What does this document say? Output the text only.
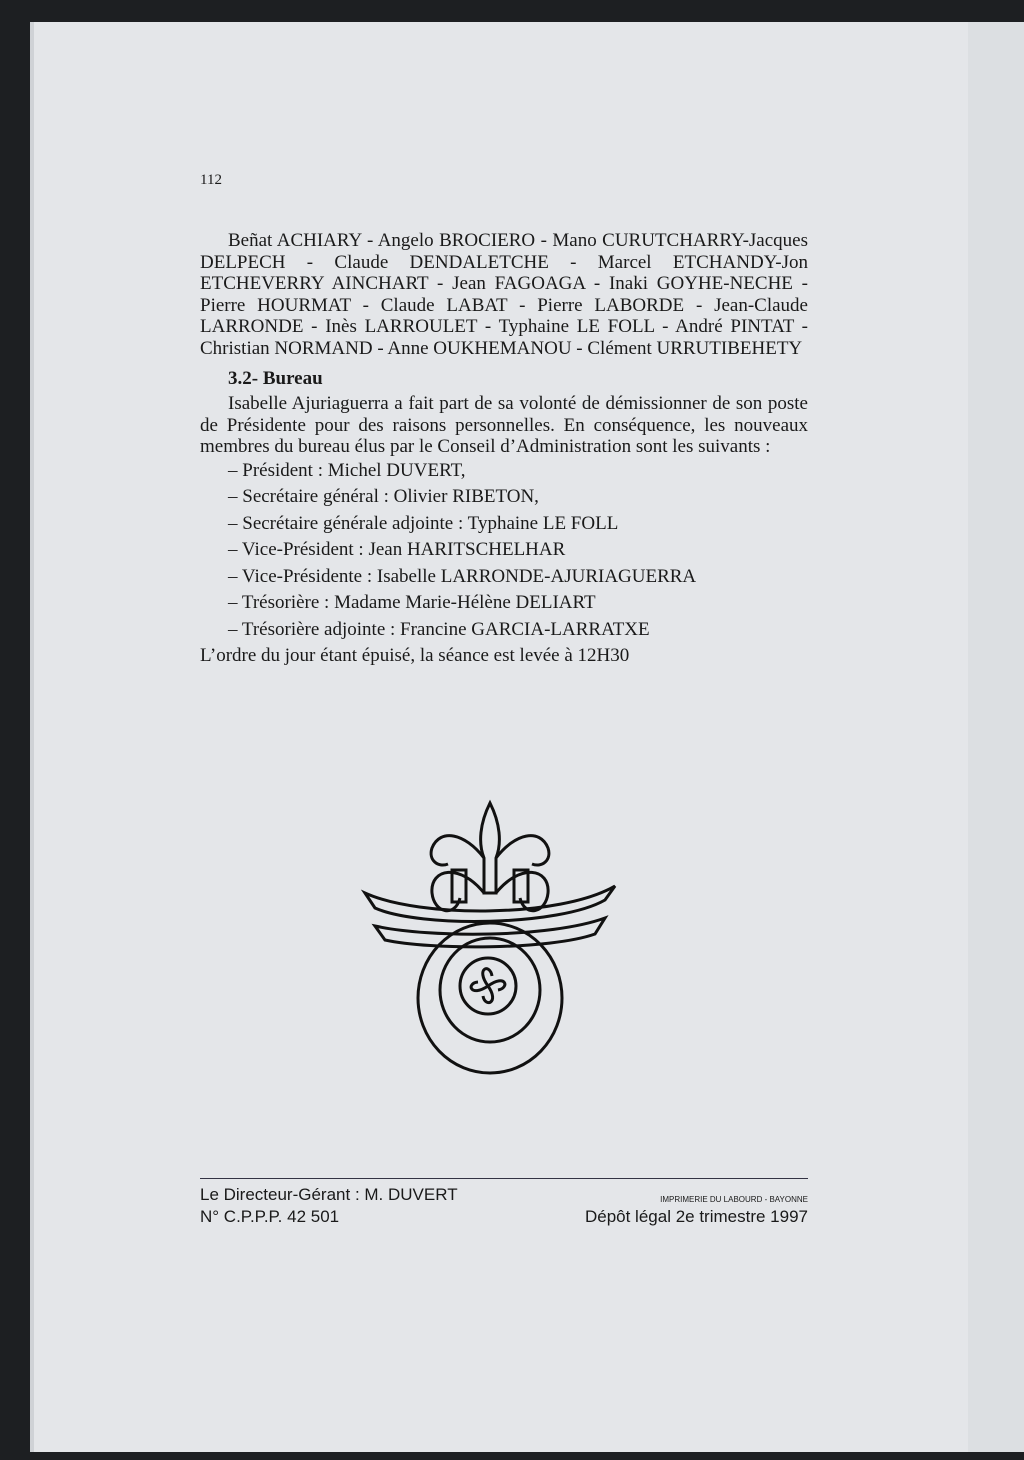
112

Beñat ACHIARY - Angelo BROCIERO - Mano CURUTCHARRY-Jacques DELPECH - Claude DENDALETCHE - Marcel ETCHANDY-Jon ETCHEVERRY AINCHART - Jean FAGOAGA - Inaki GOYHE-NECHE - Pierre HOURMAT - Claude LABAT - Pierre LABORDE - Jean-Claude LARRONDE - Inès LARROULET - Typhaine LE FOLL - André PINTAT - Christian NORMAND - Anne OUKHEMANOU - Clément URRUTIBEHETY

3.2- Bureau

Isabelle Ajuriaguerra a fait part de sa volonté de démissionner de son poste de Présidente pour des raisons personnelles. En conséquence, les nouveaux membres du bureau élus par le Conseil d’Administration sont les suivants :

– Président : Michel DUVERT,
– Secrétaire général : Olivier RIBETON,
– Secrétaire générale adjointe : Typhaine LE FOLL
– Vice-Président : Jean HARITSCHELHAR
– Vice-Présidente : Isabelle LARRONDE-AJURIAGUERRA
– Trésorière : Madame Marie-Hélène DELIART
– Trésorière adjointe : Francine GARCIA-LARRATXE
L’ordre du jour étant épuisé, la séance est levée à 12H30
Le Directeur-Gérant : M. DUVERT	IMPRIMERIE DU LABOURD - BAYONNE
N° C.P.P.P. 42 501	Dépôt légal 2e trimestre 1997
